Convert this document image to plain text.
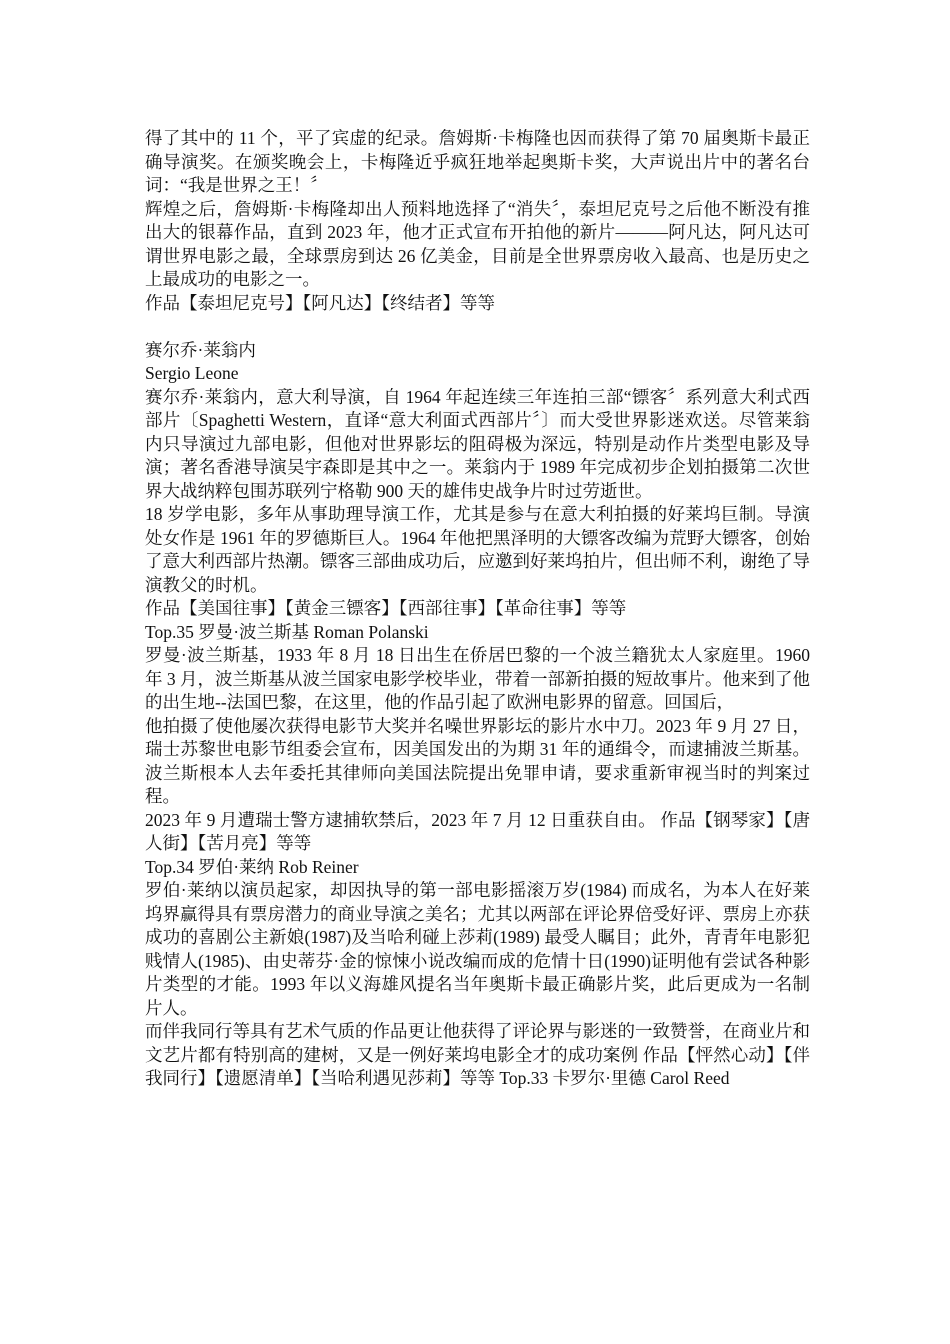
得了其中的 11 个，平了宾虚的纪录。詹姆斯·卡梅隆也因而获得了第 70 届奥斯卡最正确导演奖。在颁奖晚会上，卡梅隆近乎疯狂地举起奥斯卡奖，大声说出片中的著名台词：“我是世界之王！〞

辉煌之后，詹姆斯·卡梅隆却出人预料地选择了“消失〞，泰坦尼克号之后他不断没有推出大的银幕作品，直到 2023 年，他才正式宣布开拍他的新片———阿凡达，阿凡达可谓世界电影之最，全球票房到达 26 亿美金，目前是全世界票房收入最高、也是历史之上最成功的电影之一。

作品【泰坦尼克号】【阿凡达】【终结者】等等

赛尔乔·莱翁内

Sergio Leone

赛尔乔·莱翁内，意大利导演，自 1964 年起连续三年连拍三部“镖客〞系列意大利式西部片〔Spaghetti Western，直译“意大利面式西部片〞〕而大受世界影迷欢送。尽管莱翁内只导演过九部电影，但他对世界影坛的阻碍极为深远，特别是动作片类型电影及导演；著名香港导演吴宇森即是其中之一。莱翁内于 1989 年完成初步企划拍摄第二次世界大战纳粹包围苏联列宁格勒 900 天的雄伟史战争片时过劳逝世。

18 岁学电影，多年从事助理导演工作，尤其是参与在意大利拍摄的好莱坞巨制。导演处女作是 1961 年的罗德斯巨人。1964 年他把黑泽明的大镖客改编为荒野大镖客，创始了意大利西部片热潮。镖客三部曲成功后，应邀到好莱坞拍片，但出师不利，谢绝了导演教父的时机。

作品【美国往事】【黄金三镖客】【西部往事】【革命往事】等等

Top.35 罗曼·波兰斯基 Roman Polanski

罗曼·波兰斯基，1933 年 8 月 18 日出生在侨居巴黎的一个波兰籍犹太人家庭里。1960 年 3 月，波兰斯基从波兰国家电影学校毕业，带着一部新拍摄的短故事片。他来到了他的出生地--法国巴黎，在这里，他的作品引起了欧洲电影界的留意。回国后，

他拍摄了使他屡次获得电影节大奖并名噪世界影坛的影片水中刀。2023 年 9 月 27 日，瑞士苏黎世电影节组委会宣布，因美国发出的为期 31 年的通缉令，而逮捕波兰斯基。波兰斯根本人去年委托其律师向美国法院提出免罪申请，要求重新审视当时的判案过程。

2023 年 9 月遭瑞士警方逮捕软禁后，2023 年 7 月 12 日重获自由。 作品【钢琴家】【唐人街】【苦月亮】等等

Top.34 罗伯·莱纳 Rob Reiner

罗伯·莱纳以演员起家，却因执导的第一部电影摇滚万岁(1984) 而成名，为本人在好莱坞界赢得具有票房潜力的商业导演之美名；尤其以两部在评论界倍受好评、票房上亦获成功的喜剧公主新娘(1987)及当哈利碰上莎莉(1989) 最受人瞩目；此外，青青年电影犯贱情人(1985)、由史蒂芬·金的惊悚小说改编而成的危情十日(1990)证明他有尝试各种影片类型的才能。1993 年以义海雄风提名当年奥斯卡最正确影片奖，此后更成为一名制片人。

而伴我同行等具有艺术气质的作品更让他获得了评论界与影迷的一致赞誉，在商业片和文艺片都有特别高的建树，又是一例好莱坞电影全才的成功案例 作品【怦然心动】【伴我同行】【遗愿清单】【当哈利遇见莎莉】等等 Top.33 卡罗尔·里德 Carol Reed
